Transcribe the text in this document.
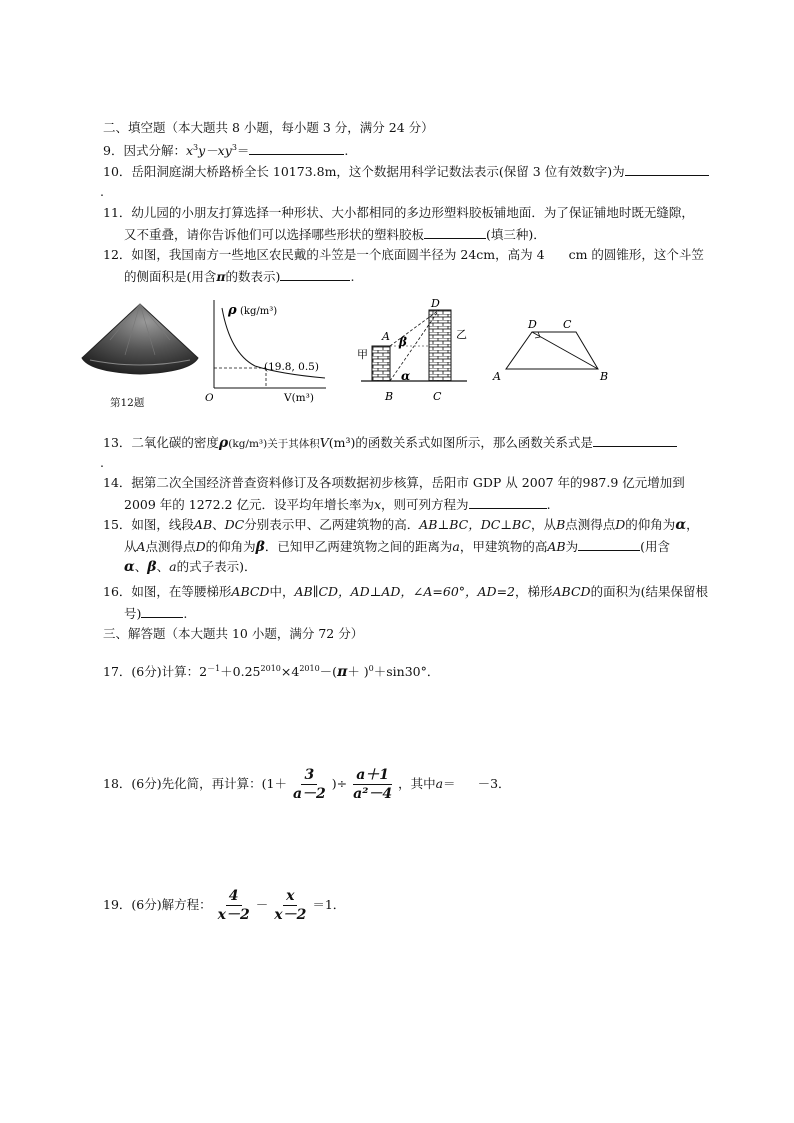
二、填空题（本大题共 8 小题，每小题 3 分，满分 24 分）
9．因式分解：$x^3y-xy^3=$	.
10．岳阳洞庭湖大桥路桥全长 10173.8m，这个数据用科学记数法表示(保留 3 位有效数字)为
.
11．幼儿园的小朋友打算选择一种形状、大小都相同的多边形塑料胶板铺地面．为了保证铺地时既无缝隙，
又不重叠，请你告诉他们可以选择哪些形状的塑料胶板	(填三种)．
12．如图，我国南方一些地区农民戴的斗笠是一个底面圆半径为 24cm，高为 4 cm 的圆锥形，这个斗笠
的侧面积是(用含π的数表示)	.
第12题
ρ (kg/m³)
(19.8, 0.5)
O	V(m³)
D
A
甲
乙
β
α
B	C
D C
A	B
13．二氧化碳的密度ρ(kg/m³)关于其体积V(m³)的函数关系式如图所示，那么函数关系式是
.
14．据第二次全国经济普查资料修订及各项数据初步核算，岳阳市 GDP 从 2007 年的987.9 亿元增加到
2009 年的 1272.2 亿元．设平均年增长率为x，则可列方程为	.
15．如图，线段AB、DC分别表示甲、乙两建筑物的高．AB⊥BC，DC⊥BC，从B点测得点D的仰角为α，
从A点测得点D的仰角为β．已知甲乙两建筑物之间的距离为a，甲建筑物的高AB为	(用含
α、β、a的式子表示)．
16．如图，在等腰梯形ABCD中，AB∥CD，AD⊥AD，∠A=60°，AD=2，梯形ABCD的面积为(结果保留根
号)	.
三、解答题（本大题共 10 小题，满分 72 分）
17．(6分)计算：$2^{-1}+0.25^{2010}\times 4^{2010}-(\pi+ )^0+\sin 30^\circ$．
18．(6分)先化简，再计算：($1+ \frac{3}{a-2}$ )÷ $\frac{a+1}{\text{a²－4}}$ ，其中a＝ －3．
19．(6分)解方程： $\frac{4}{x-2} - \frac{x}{x-2} =1$．
